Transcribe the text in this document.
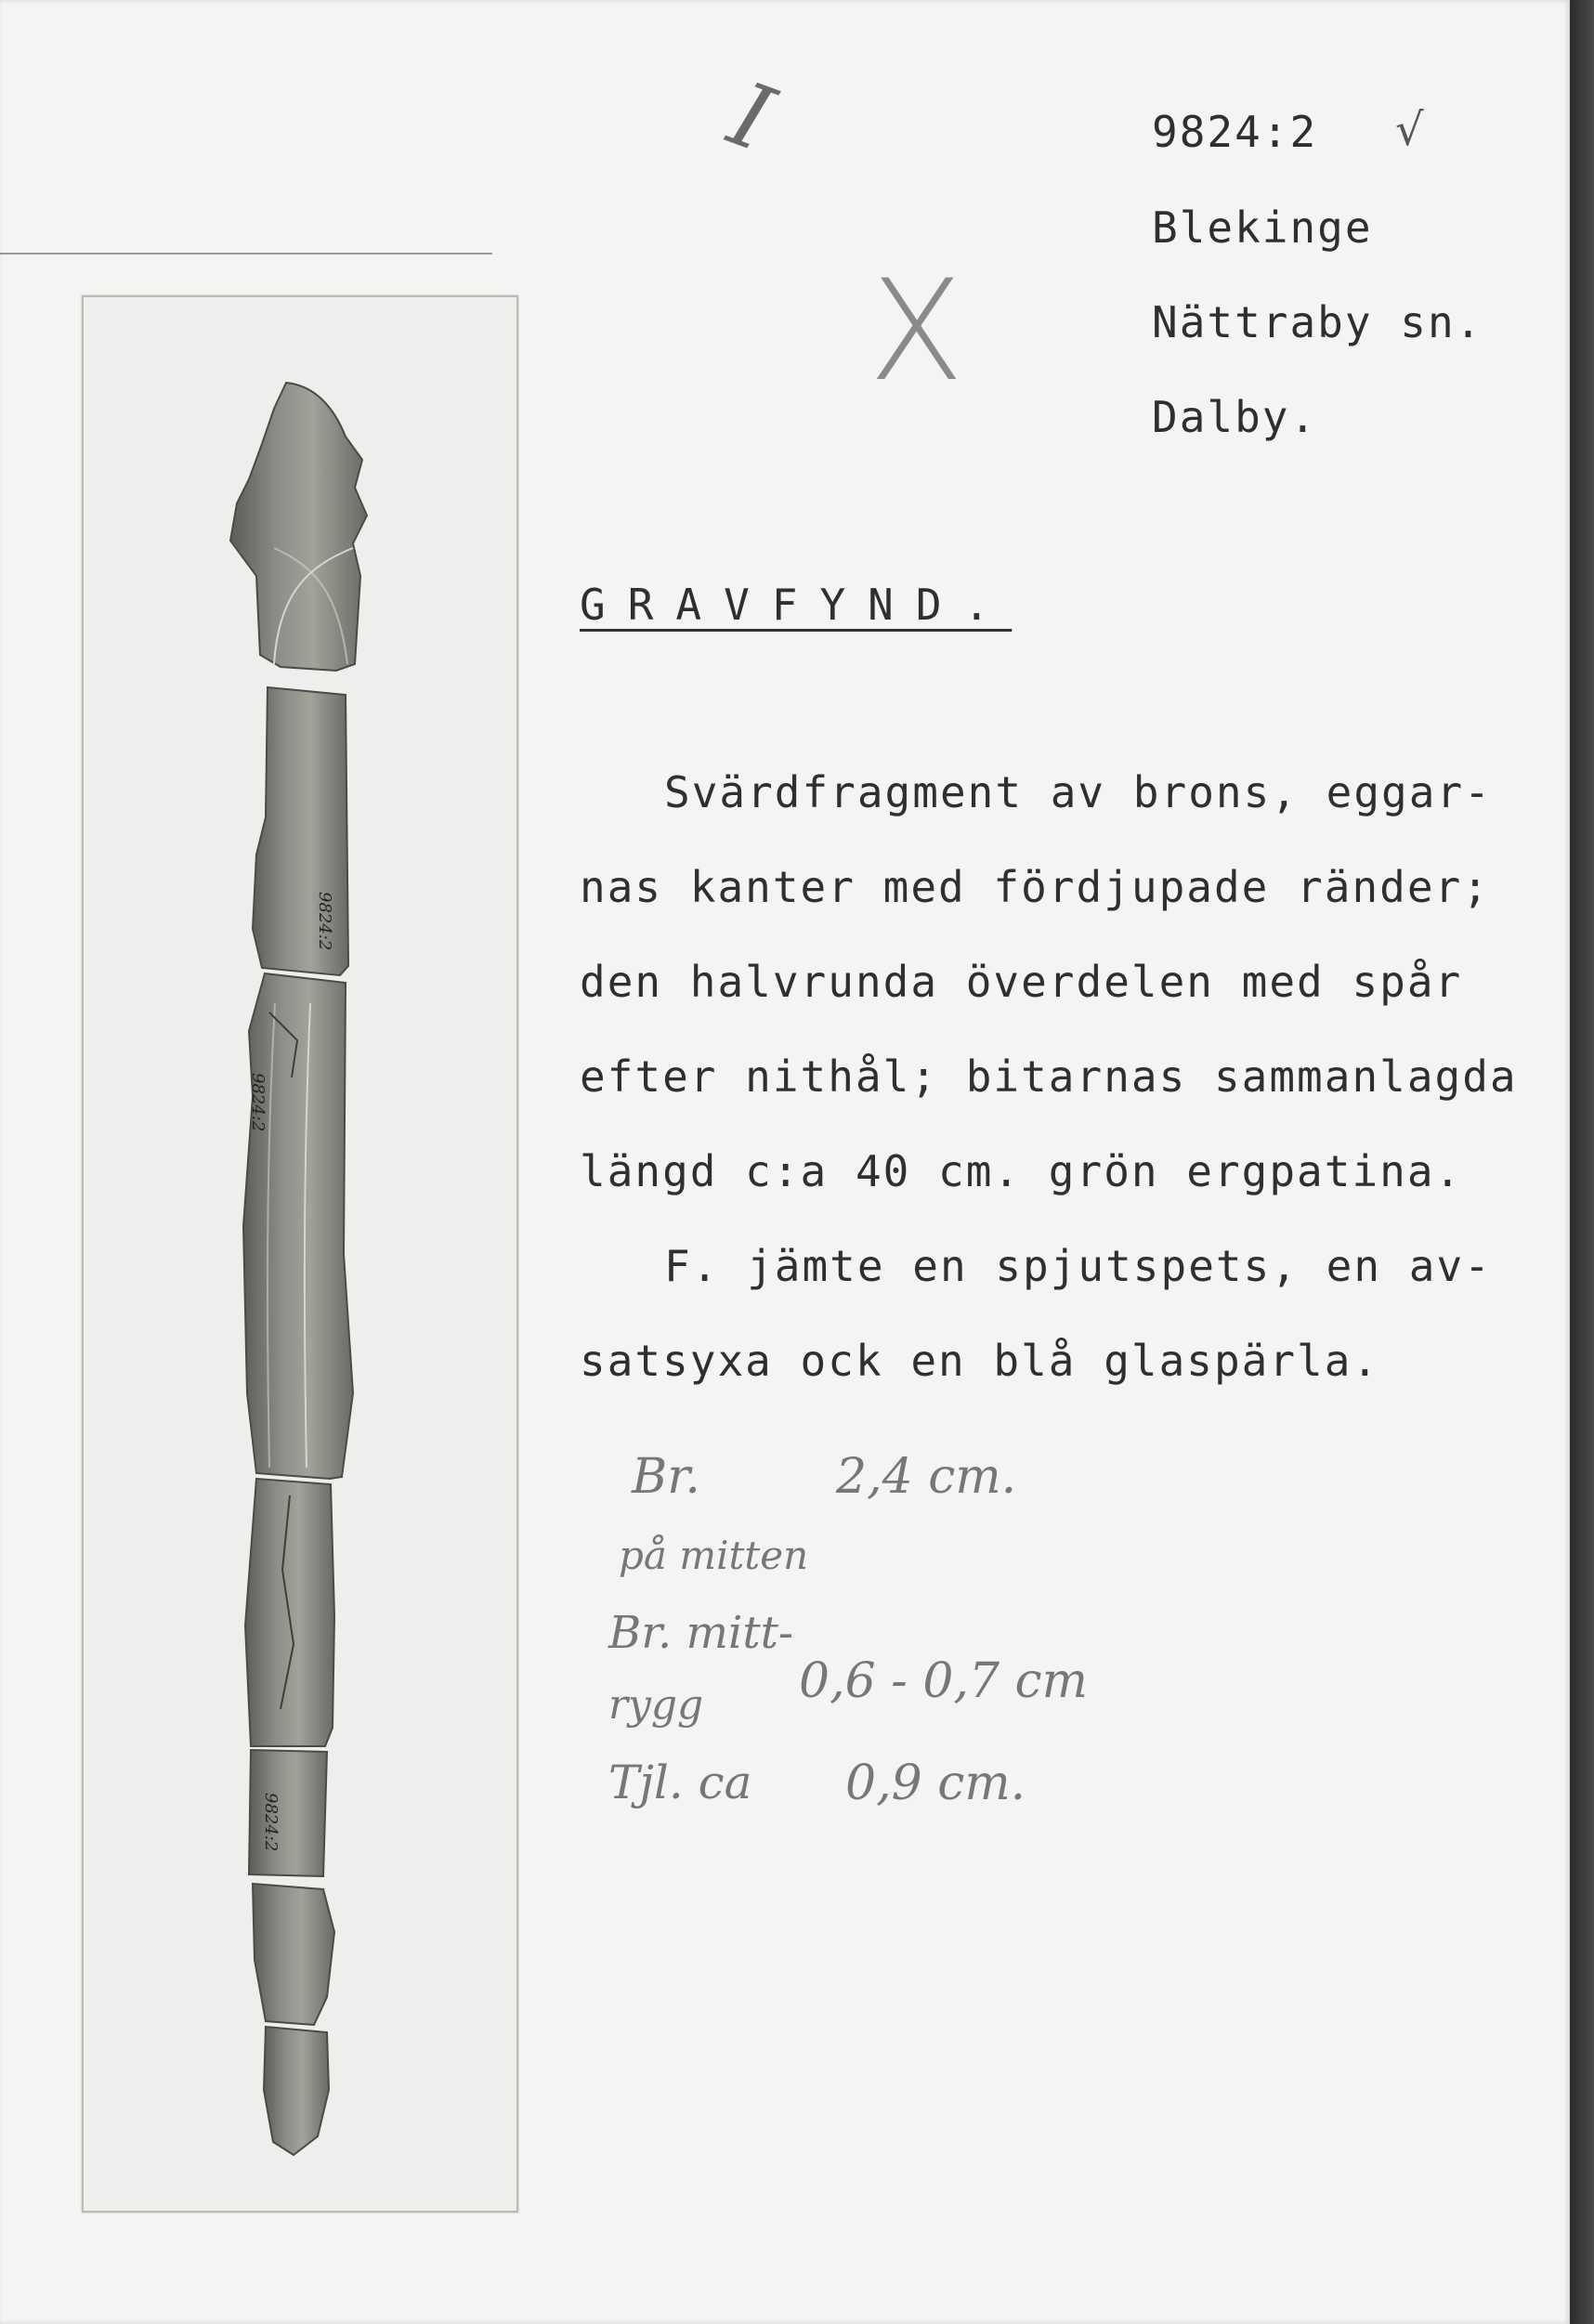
9824:2
9824:2
9824:2
I
X
√
9824:2
Blekinge
Nättraby sn.
Dalby.
GRAVFYND.
Svärdfragment av brons, eggar-
nas kanter med fördjupade ränder;
den halvrunda överdelen med spår
efter nithål; bitarnas sammanlagda
längd c:a 40 cm. grön ergpatina.
F. jämte en spjutspets, en av-
satsyxa ock en blå glaspärla.
Br.	2,4 cm.
på mitten
Br. mitt-
rygg 0,6 - 0,7 cm
Tjl. ca 0,9 cm.
